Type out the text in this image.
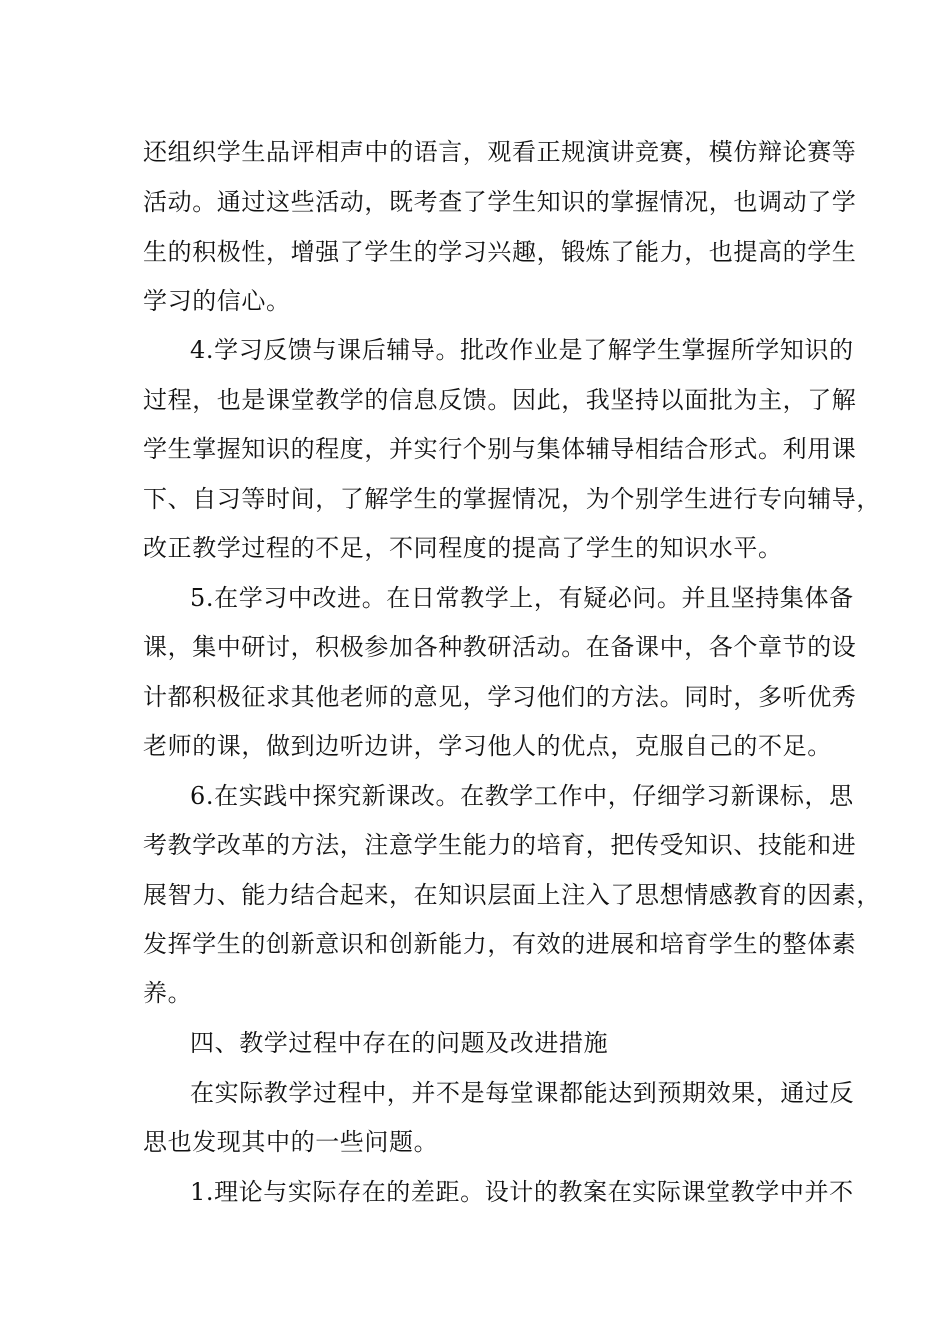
还组织学生品评相声中的语言，观看正规演讲竞赛，模仿辩论赛等
活动。通过这些活动，既考查了学生知识的掌握情况，也调动了学
生的积极性，增强了学生的学习兴趣，锻炼了能力，也提高的学生
学习的信心。
4.学习反馈与课后辅导。批改作业是了解学生掌握所学知识的
过程，也是课堂教学的信息反馈。因此，我坚持以面批为主，了解
学生掌握知识的程度，并实行个别与集体辅导相结合形式。利用课
下、自习等时间，了解学生的掌握情况，为个别学生进行专向辅导，
改正教学过程的不足，不同程度的提高了学生的知识水平。
5.在学习中改进。在日常教学上，有疑必问。并且坚持集体备
课，集中研讨，积极参加各种教研活动。在备课中，各个章节的设
计都积极征求其他老师的意见，学习他们的方法。同时，多听优秀
老师的课，做到边听边讲，学习他人的优点，克服自己的不足。
6.在实践中探究新课改。在教学工作中，仔细学习新课标，思
考教学改革的方法，注意学生能力的培育，把传受知识、技能和进
展智力、能力结合起来，在知识层面上注入了思想情感教育的因素，
发挥学生的创新意识和创新能力，有效的进展和培育学生的整体素
养。
四、教学过程中存在的问题及改进措施
在实际教学过程中，并不是每堂课都能达到预期效果，通过反
思也发现其中的一些问题。
1.理论与实际存在的差距。设计的教案在实际课堂教学中并不
